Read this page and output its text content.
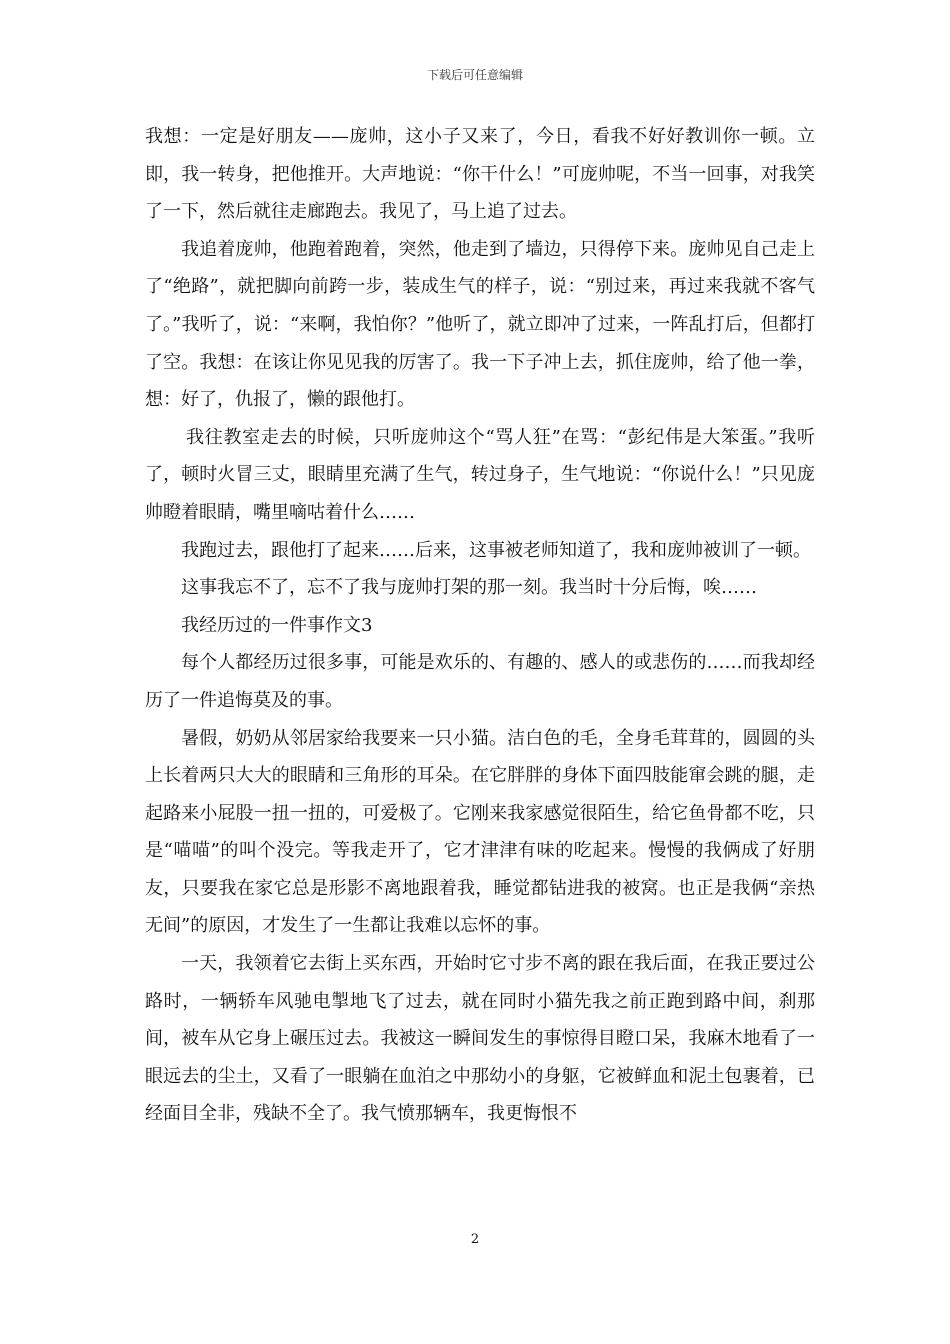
下载后可任意编辑

我想：一定是好朋友——庞帅，这小子又来了，今日，看我不好好教训你一顿。立即，我一转身，把他推开。大声地说：“你干什么！”可庞帅呢，不当一回事，对我笑了一下，然后就往走廊跑去。我见了，马上追了过去。

我追着庞帅，他跑着跑着，突然，他走到了墙边，只得停下来。庞帅见自己走上了“绝路”，就把脚向前跨一步，装成生气的样子，说：“别过来，再过来我就不客气了。”我听了，说：“来啊，我怕你？”他听了，就立即冲了过来，一阵乱打后，但都打了空。我想：在该让你见见我的厉害了。我一下子冲上去，抓住庞帅，给了他一拳，想：好了，仇报了，懒的跟他打。

我往教室走去的时候，只听庞帅这个“骂人狂”在骂：“彭纪伟是大笨蛋。”我听了，顿时火冒三丈，眼睛里充满了生气，转过身子，生气地说：“你说什么！”只见庞帅瞪着眼睛，嘴里嘀咕着什么……

我跑过去，跟他打了起来……后来，这事被老师知道了，我和庞帅被训了一顿。

这事我忘不了，忘不了我与庞帅打架的那一刻。我当时十分后悔，唉……

我经历过的一件事作文3

每个人都经历过很多事，可能是欢乐的、有趣的、感人的或悲伤的……而我却经历了一件追悔莫及的事。

暑假，奶奶从邻居家给我要来一只小猫。洁白色的毛，全身毛茸茸的，圆圆的头上长着两只大大的眼睛和三角形的耳朵。在它胖胖的身体下面四肢能窜会跳的腿，走起路来小屁股一扭一扭的，可爱极了。它刚来我家感觉很陌生，给它鱼骨都不吃，只是“喵喵”的叫个没完。等我走开了，它才津津有味的吃起来。慢慢的我俩成了好朋友，只要我在家它总是形影不离地跟着我，睡觉都钻进我的被窝。也正是我俩“亲热无间”的原因，才发生了一生都让我难以忘怀的事。

一天，我领着它去街上买东西，开始时它寸步不离的跟在我后面，在我正要过公路时，一辆轿车风驰电掣地飞了过去，就在同时小猫先我之前正跑到路中间，刹那间，被车从它身上碾压过去。我被这一瞬间发生的事惊得目瞪口呆，我麻木地看了一眼远去的尘土，又看了一眼躺在血泊之中那幼小的身躯，它被鲜血和泥土包裹着，已经面目全非，残缺不全了。我气愤那辆车，我更悔恨不

2
